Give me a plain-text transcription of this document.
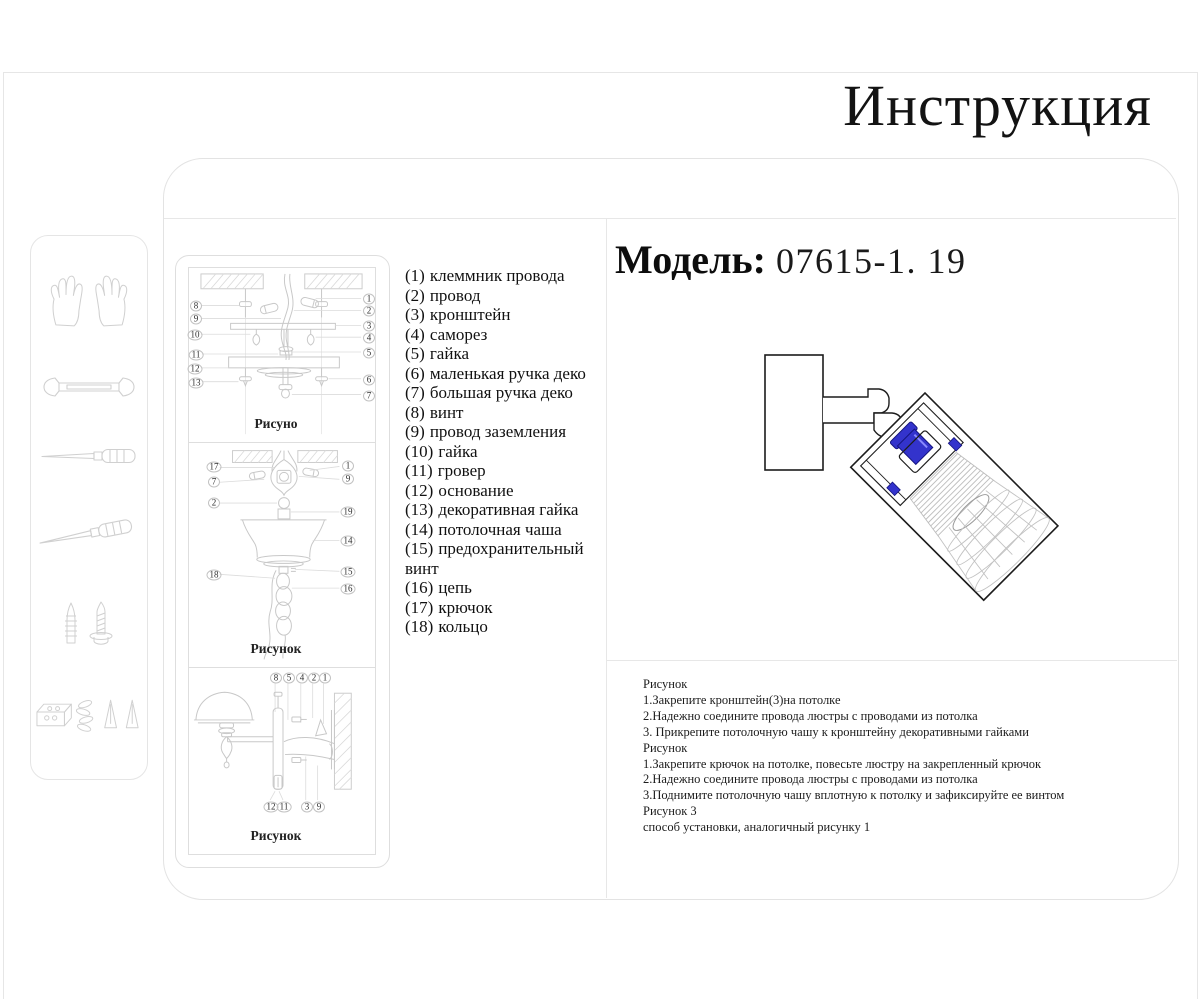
Инструкция
8
9
10
11
12
13
1
2
3
4
5
6
7
Рисуно
17
7
2
18
1
9
19
14
15
16
Рисунок
8 5 4 2 1
12 11	3 9
Рисунок
(1) клеммник провода
(2) провод
(3) кронштейн
(4) саморез
(5) гайка
(6) маленькая ручка деко
(7) большая ручка деко
(8) винт
(9) провод заземления
(10) гайка
(11) гровер
(12) основание
(13) декоративная гайка
(14) потолочная чаша
(15) предохранительный винт
(16) цепь
(17) крючок
(18) кольцо
Модель: 07615-1. 19
Рисунок
1.Закрепите кронштейн(3)на потолке
2.Надежно соедините провода люстры с проводами из потолка
3. Прикрепите потолочную чашу к кронштейну декоративными гайками
Рисунок
1.Закрепите крючок на потолке, повесьте люстру на закрепленный крючок
2.Надежно соедините провода люстры с проводами из потолка
3.Поднимите потолочную чашу вплотную к потолку и зафиксируйте ее винтом
Рисунок 3
способ установки, аналогичный рисунку 1
